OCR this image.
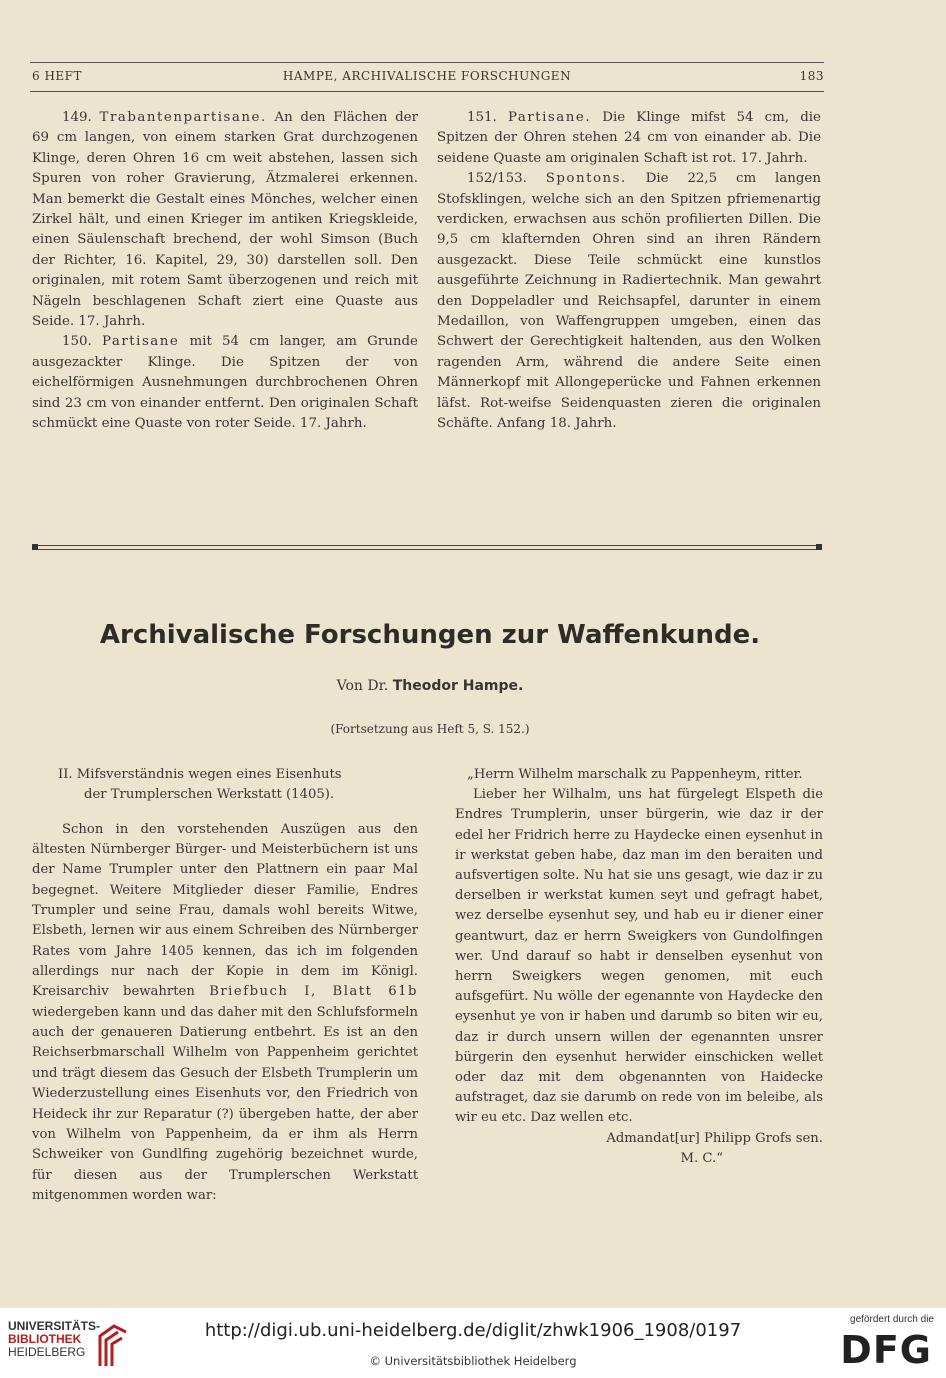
6 HEFT	HAMPE, ARCHIVALISCHE FORSCHUNGEN	183

149. Trabantenpartisane. An den Flächen der 69 cm langen, von einem starken Grat durchzogenen Klinge, deren Ohren 16 cm weit abstehen, lassen sich Spuren von roher Gravierung, Ätzmalerei erkennen. Man bemerkt die Gestalt eines Mönches, welcher einen Zirkel hält, und einen Krieger im antiken Kriegskleide, einen Säulenschaft brechend, der wohl Simson (Buch der Richter, 16. Kapitel, 29, 30) darstellen soll. Den originalen, mit rotem Samt überzogenen und reich mit Nägeln beschlagenen Schaft ziert eine Quaste aus Seide. 17. Jahrh.

150. Partisane mit 54 cm langer, am Grunde ausgezackter Klinge. Die Spitzen der von eichelförmigen Ausnehmungen durchbrochenen Ohren sind 23 cm von einander entfernt. Den originalen Schaft schmückt eine Quaste von roter Seide. 17. Jahrh.

151. Partisane. Die Klinge mifst 54 cm, die Spitzen der Ohren stehen 24 cm von einander ab. Die seidene Quaste am originalen Schaft ist rot. 17. Jahrh.

152/153. Spontons. Die 22,5 cm langen Stofsklingen, welche sich an den Spitzen pfriemenartig verdicken, erwachsen aus schön profilierten Dillen. Die 9,5 cm klafternden Ohren sind an ihren Rändern ausgezackt. Diese Teile schmückt eine kunstlos ausgeführte Zeichnung in Radiertechnik. Man gewahrt den Doppeladler und Reichsapfel, darunter in einem Medaillon, von Waffengruppen umgeben, einen das Schwert der Gerechtigkeit haltenden, aus den Wolken ragenden Arm, während die andere Seite einen Männerkopf mit Allongeperücke und Fahnen erkennen läfst. Rot-weifse Seidenquasten zieren die originalen Schäfte. Anfang 18. Jahrh.

Archivalische Forschungen zur Waffenkunde.
Von Dr. Theodor Hampe.
(Fortsetzung aus Heft 5, S. 152.)

II. Mifsverständnis wegen eines Eisenhuts
der Trumplerschen Werkstatt (1405).

Schon in den vorstehenden Auszügen aus den ältesten Nürnberger Bürger- und Meisterbüchern ist uns der Name Trumpler unter den Plattnern ein paar Mal begegnet. Weitere Mitglieder dieser Familie, Endres Trumpler und seine Frau, damals wohl bereits Witwe, Elsbeth, lernen wir aus einem Schreiben des Nürnberger Rates vom Jahre 1405 kennen, das ich im folgenden allerdings nur nach der Kopie in dem im Königl. Kreisarchiv bewahrten Briefbuch I, Blatt 61b wiedergeben kann und das daher mit den Schlufsformeln auch der genaueren Datierung entbehrt. Es ist an den Reichserbmarschall Wilhelm von Pappenheim gerichtet und trägt diesem das Gesuch der Elsbeth Trumplerin um Wiederzustellung eines Eisenhuts vor, den Friedrich von Heideck ihr zur Reparatur (?) übergeben hatte, der aber von Wilhelm von Pappenheim, da er ihm als Herrn Schweiker von Gundlfing zugehörig bezeichnet wurde, für diesen aus der Trumplerschen Werkstatt mitgenommen worden war:

„Herrn Wilhelm marschalk zu Pappenheym, ritter.

Lieber her Wilhalm, uns hat fürgelegt Elspeth die Endres Trumplerin, unser bürgerin, wie daz ir der edel her Fridrich herre zu Haydecke einen eysenhut in ir werkstat geben habe, daz man im den beraiten und aufsvertigen solte. Nu hat sie uns gesagt, wie daz ir zu derselben ir werkstat kumen seyt und gefragt habet, wez derselbe eysenhut sey, und hab eu ir diener einer geantwurt, daz er herrn Sweigkers von Gundolfingen wer. Und darauf so habt ir denselben eysenhut von herrn Sweigkers wegen genomen, mit euch aufsgefürt. Nu wölle der egenannte von Haydecke den eysenhut ye von ir haben und darumb so biten wir eu, daz ir durch unsern willen der egenannten unsrer bürgerin den eysenhut herwider einschicken wellet oder daz mit dem obgenannten von Haidecke aufstraget, daz sie darumb on rede von im beleibe, als wir eu etc. Daz wellen etc.

Admandat[ur] Philipp Grofs sen.

M. C.“

UNIVERSITÄTS-
BIBLIOTHEK
HEIDELBERG
http://digi.ub.uni-heidelberg.de/diglit/zhwk1906_1908/0197
© Universitätsbibliothek Heidelberg
gefördert durch die
DFG
